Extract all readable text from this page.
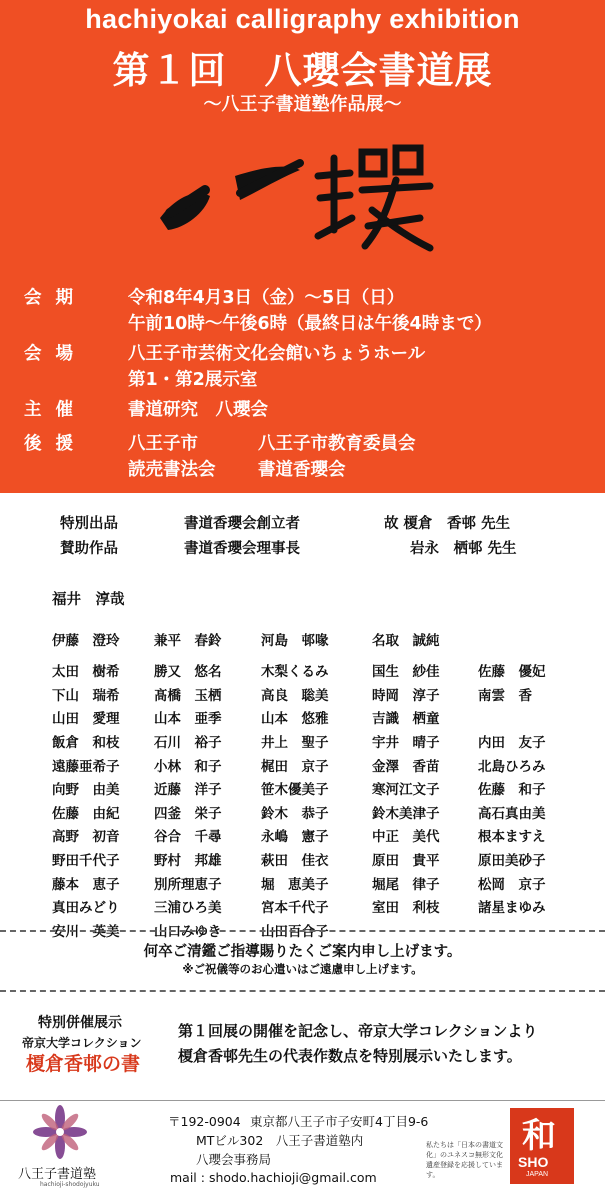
hachiyokai calligraphy exhibition
第１回　八瓔会書道展
～八王子書道塾作品展～
会期	令和8年4月3日（金）～5日（日）
午前10時～午後6時（最終日は午後4時まで）
会場	八王子市芸術文化会館いちょうホール
第1・第2展示室
主催	書道研究　八瓔会
後援	八王子市	八王子市教育委員会
読売書法会 書道香瓔会
特別出品	書道香瓔会創立者	故 榎倉　香邨 先生
賛助作品	書道香瓔会理事長	岩永　栖邨 先生
福井　淳哉
伊藤　澄玲	兼平　春鈴	河島　邨喙	名取　誠純
太田　樹希	勝又　悠名	木梨くるみ	国生　紗佳	佐藤　優妃
下山　瑞希	髙橋　玉栖	高良　聡美	時岡　淳子	南雲　香
山田　愛理	山本　亜季	山本　悠雅	吉識　栖童
飯倉　和枝	石川　裕子	井上　聖子	宇井　晴子	内田　友子
遠藤亜希子	小林　和子	梶田　京子	金澤　香苗	北島ひろみ
向野　由美	近藤　洋子	笹木優美子	寒河江文子	佐藤　和子
佐藤　由紀	四釜　栄子	鈴木　恭子	鈴木美津子	高石真由美
高野　初音	谷合　千尋	永嶋　憲子	中正　美代	根本ますえ
野田千代子	野村　邦雄	萩田　佳衣	原田　貴平	原田美砂子
藤本　恵子	別所理恵子	堀　恵美子	堀尾　律子	松岡　京子
真田みどり	三浦ひろ美	宮本千代子	室田　利枝	諸星まゆみ
安川　英美	山口みゆき	山田百合子
何卒ご清鑑ご指導賜りたくご案内申し上げます。
※ご祝儀等のお心遣いはご遠慮申し上げます。
特別併催展示
帝京大学コレクション
榎倉香邨の書
第１回展の開催を記念し、帝京大学コレクションより
榎倉香邨先生の代表作数点を特別展示いたします。
八王子書道塾
hachioji-shodojyuku
〒192-0904 東京都八王子市子安町4丁目9-6
MTビル302　八王子書道塾内
八瓔会事務局
mail : shodo.hachioji@gmail.com
私たちは「日本の書道文化」のユネスコ無形文化遺産登録を応援しています。
和
SHO
JAPAN
